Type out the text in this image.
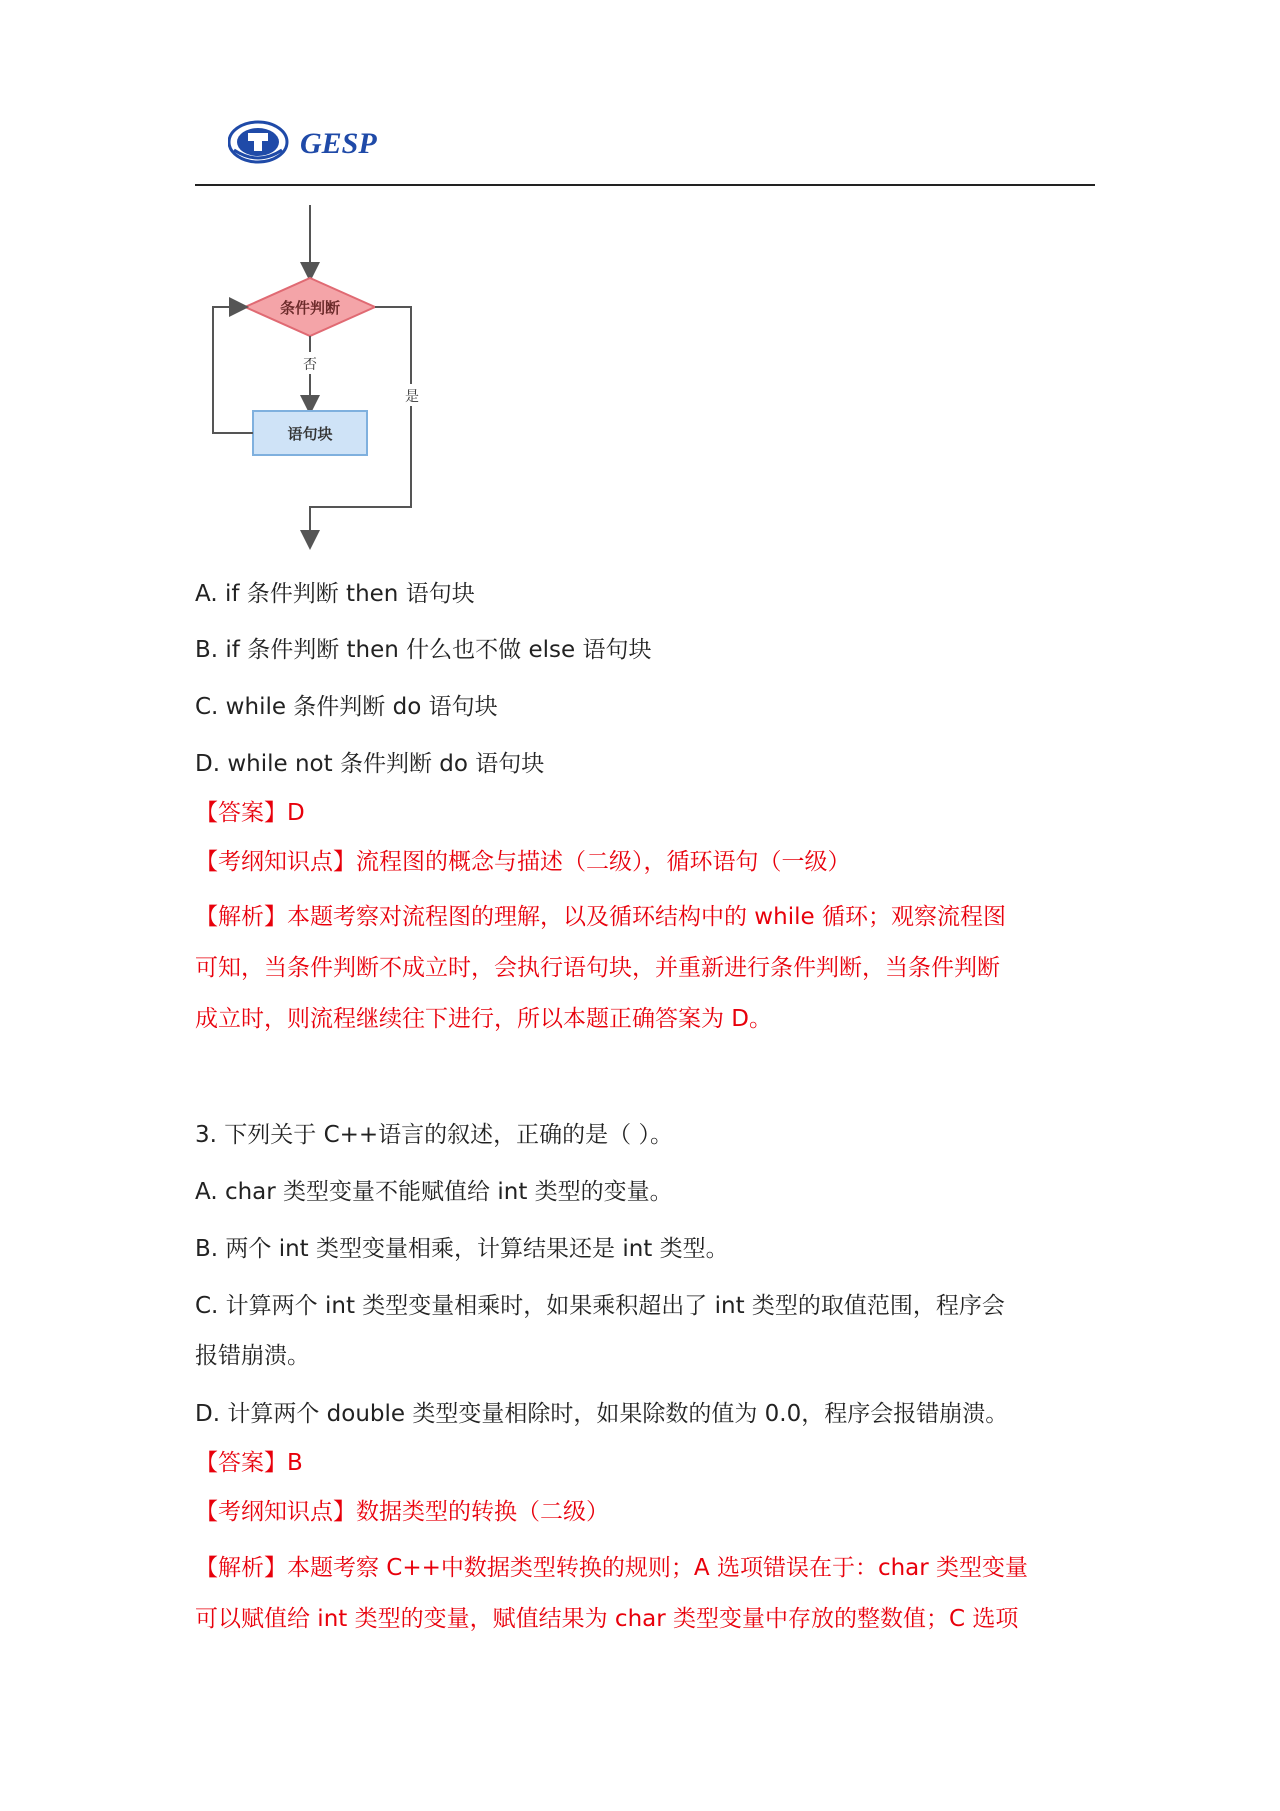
GESP
条件判断
否
语句块
是
A. if 条件判断 then 语句块
B. if 条件判断 then 什么也不做 else 语句块
C. while 条件判断 do 语句块
D. while not 条件判断 do 语句块
【答案】D
【考纲知识点】流程图的概念与描述（二级），循环语句（一级）
【解析】本题考察对流程图的理解，以及循环结构中的 while 循环；观察流程图
可知，当条件判断不成立时，会执行语句块，并重新进行条件判断，当条件判断
成立时，则流程继续往下进行，所以本题正确答案为 D。
3. 下列关于 C++语言的叙述，正确的是（ ）。
A. char 类型变量不能赋值给 int 类型的变量。
B. 两个 int 类型变量相乘，计算结果还是 int 类型。
C. 计算两个 int 类型变量相乘时，如果乘积超出了 int 类型的取值范围，程序会
报错崩溃。
D. 计算两个 double 类型变量相除时，如果除数的值为 0.0，程序会报错崩溃。
【答案】B
【考纲知识点】数据类型的转换（二级）
【解析】本题考察 C++中数据类型转换的规则；A 选项错误在于：char 类型变量
可以赋值给 int 类型的变量，赋值结果为 char 类型变量中存放的整数值；C 选项
